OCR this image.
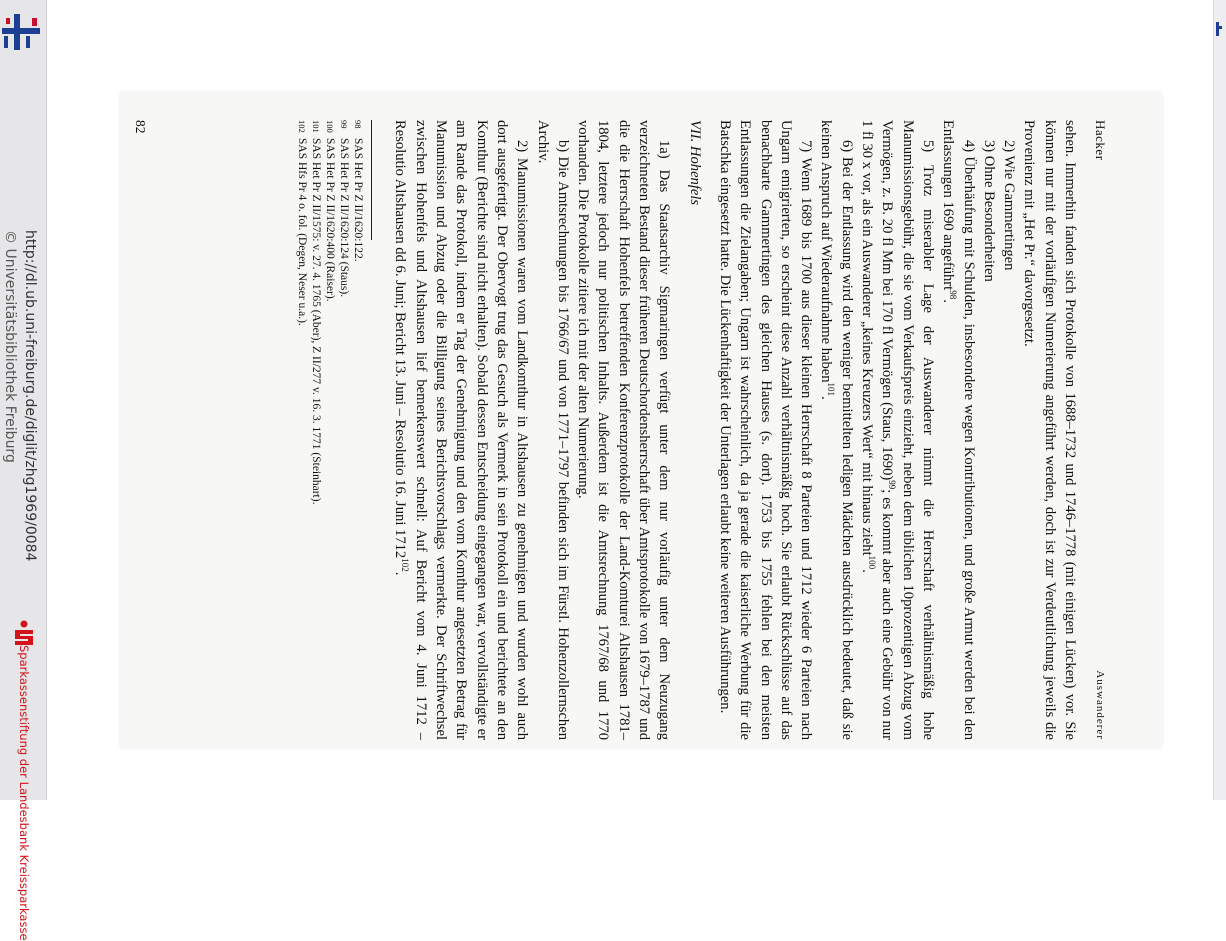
http://dl.ub.uni-freiburg.de/diglit/zhg1969/0084
© Universitätsbibliothek Freiburg
Sparkassenstiftung der Landesbank Kreissparkasse
Hacker
Auswanderer

sehen. Immerhin fanden sich Protokolle von 1688–1732 und 1746–1778 (mit einigen Lücken) vor. Sie können nur mit der vorläufigen Numerierung angeführt werden, doch ist zur Verdeutlichung jeweils die Provenienz mit „Het Pr.“ davorgesetzt.

2) Wie Gammertingen

3) Ohne Besonderheiten

4) Überhäufung mit Schulden, insbesondere wegen Kontributionen, und große Armut werden bei den Entlassungen 1690 angeführt$^{98}$.

5) Trotz miserabler Lage der Auswanderer nimmt die Herrschaft verhältnismäßig hohe Manumissionsgebühr, die sie vom Verkaufspreis einzieht, neben dem üblichen 10prozentigen Abzug vom Vermögen, z. B. 20 fl Mm bei 170 fl Vermögen (Staus, 1690)$^{99}$; es kommt aber auch eine Gebühr von nur 1 fl 30 x vor, als ein Auswanderer „keines Kreuzers Wert“ mit hinaus zieht$^{100}$.

6) Bei der Entlassung wird den weniger bemittelten ledigen Mädchen ausdrücklich bedeutet, daß sie keinen Anspruch auf Wiederaufnahme haben$^{101}$.

7) Wenn 1689 bis 1700 aus dieser kleinen Herrschaft 8 Parteien und 1712 wieder 6 Parteien nach Ungarn emigrierten, so erscheint diese Anzahl verhältnismäßig hoch. Sie erlaubt Rückschlüsse auf das benachbarte Gammertingen des gleichen Hauses (s. dort). 1753 bis 1755 fehlen bei den meisten Entlassungen die Zielangaben; Ungarn ist wahrscheinlich, da ja gerade die kaiserliche Werbung für die Batschka eingesetzt hatte. Die Lückenhaftigkeit der Unterlagen erlaubt keine weiteren Ausführungen.

VII. Hohenfels

1a) Das Staatsarchiv Sigmaringen verfügt unter dem nur vorläufig unter dem Neuzugang verzeichneten Bestand dieser früheren Deutschordensherrschaft über Amtsprotokolle von 1679–1787 und die die Herrschaft Hohenfels betreffenden Konferenzprotokolle der Land-Komturei Altshausen 1781–1804, letztere jedoch nur politischen Inhalts. Außerdem ist die Amtsrechnung 1767/68 und 1770 vorhanden. Die Protokolle zitiere ich mit der alten Numerierung.

b) Die Amtsrechnungen bis 1766/67 und von 1771–1797 befinden sich im Fürstl. Hohenzollernschen Archiv.

2) Manumissionen waren vom Landkomthur in Altshausen zu genehmigen und wurden wohl auch dort ausgefertigt. Der Obervogt trug das Gesuch als Vermerk in sein Protokoll ein und berichtete an den Komthur (Berichte sind nicht erhalten). Sobald dessen Entscheidung eingegangen war, vervollständigte er am Rande das Protokoll, indem er Tag der Genehmigung und den vom Komthur angesetzten Betrag für Manumission und Abzug oder die Billigung seines Berichtsvorschlags vermerkte. Der Schriftwechsel zwischen Hohenfels und Altshausen lief bemerkenswert schnell: Auf Bericht vom 4. Juni 1712 – Resolutio Altshausen dd 6. Juni; Bericht 13. Juni – Resolutio 16. Juni 1712$^{102}$.

98SAS Het Pr Z II/1620:122.
99SAS Het Pr Z II/1620:124 (Staus).
100SAS Het Pr Z II/1620:400 (Raiser).
101SAS Het Pr Z II/1575: v. 27. 4. 1765 (Aber), Z II/277 v. 16. 3. 1771 (Steinhart).
102SAS Hfs Pr 4 o. fol. (Degen, Neser u.a.).
82
